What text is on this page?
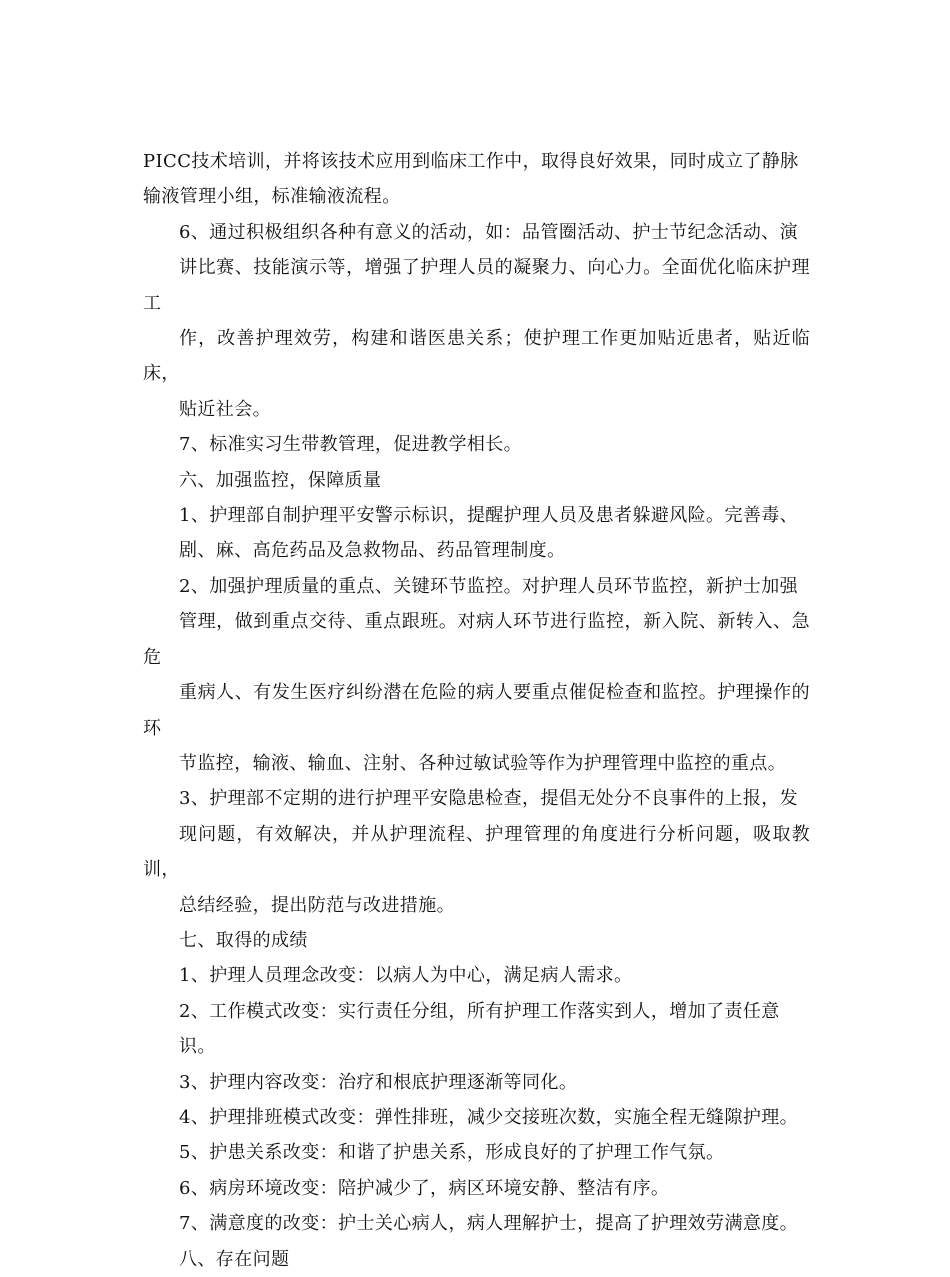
PICC技术培训，并将该技术应用到临床工作中，取得良好效果，同时成立了静脉
输液管理小组，标准输液流程。

6、通过积极组织各种有意义的活动，如：品管圈活动、护士节纪念活动、演
讲比赛、技能演示等，增强了护理人员的凝聚力、向心力。全面优化临床护理工
作，改善护理效劳，构建和谐医患关系；使护理工作更加贴近患者，贴近临床，
贴近社会。

7、标准实习生带教管理，促进教学相长。

六、加强监控，保障质量

1、护理部自制护理平安警示标识，提醒护理人员及患者躲避风险。完善毒、
剧、麻、高危药品及急救物品、药品管理制度。

2、加强护理质量的重点、关键环节监控。对护理人员环节监控，新护士加强
管理，做到重点交待、重点跟班。对病人环节进行监控，新入院、新转入、急危
重病人、有发生医疗纠纷潜在危险的病人要重点催促检查和监控。护理操作的环
节监控，输液、输血、注射、各种过敏试验等作为护理管理中监控的重点。

3、护理部不定期的进行护理平安隐患检查，提倡无处分不良事件的上报，发
现问题，有效解决，并从护理流程、护理管理的角度进行分析问题，吸取教训，
总结经验，提出防范与改进措施。

七、取得的成绩

1、护理人员理念改变：以病人为中心，满足病人需求。

2、工作模式改变：实行责任分组，所有护理工作落实到人，增加了责任意
识。

3、护理内容改变：治疗和根底护理逐渐等同化。

4、护理排班模式改变：弹性排班，减少交接班次数，实施全程无缝隙护理。

5、护患关系改变：和谐了护患关系，形成良好的了护理工作气氛。

6、病房环境改变：陪护减少了，病区环境安静、整洁有序。

7、满意度的改变：护士关心病人，病人理解护士，提高了护理效劳满意度。

八、存在问题
